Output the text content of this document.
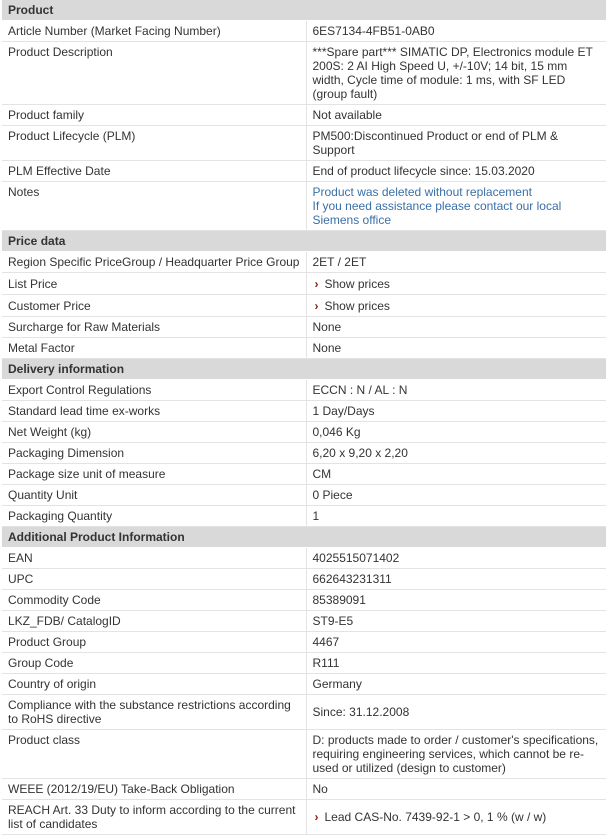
Product	
Article Number (Market Facing Number)	6ES7134-4FB51-0AB0
Product Description	***Spare part*** SIMATIC DP, Electronics module ET 200S: 2 AI High Speed U, +/-10V; 14 bit, 15 mm width, Cycle time of module: 1 ms, with SF LED (group fault)
Product family	Not available
Product Lifecycle (PLM)	PM500:Discontinued Product or end of PLM & Support
PLM Effective Date	End of product lifecycle since: 15.03.2020
Notes	Product was deleted without replacement
If you need assistance please contact our local Siemens office

Price data	
Region Specific PriceGroup / Headquarter Price Group	2ET / 2ET
List Price	› Show prices
Customer Price	› Show prices
Surcharge for Raw Materials	None
Metal Factor	None
Delivery information	
Export Control Regulations	ECCN : N / AL : N
Standard lead time ex-works	1 Day/Days
Net Weight (kg)	0,046 Kg
Packaging Dimension	6,20 x 9,20 x 2,20
Package size unit of measure	CM
Quantity Unit	0 Piece
Packaging Quantity	1
Additional Product Information	
EAN	4025515071402
UPC	662643231311
Commodity Code	85389091
LKZ_FDB/ CatalogID	ST9-E5
Product Group	4467
Group Code	R111
Country of origin	Germany
Compliance with the substance restrictions according to RoHS directive	Since: 31.12.2008
Product class	D: products made to order / customer's specifications, requiring engineering services, which cannot be re-used or utilized (design to customer)
WEEE (2012/19/EU) Take-Back Obligation	No
REACH Art. 33 Duty to inform according to the current list of candidates	› Lead CAS-No. 7439-92-1 > 0, 1 % (w / w)
